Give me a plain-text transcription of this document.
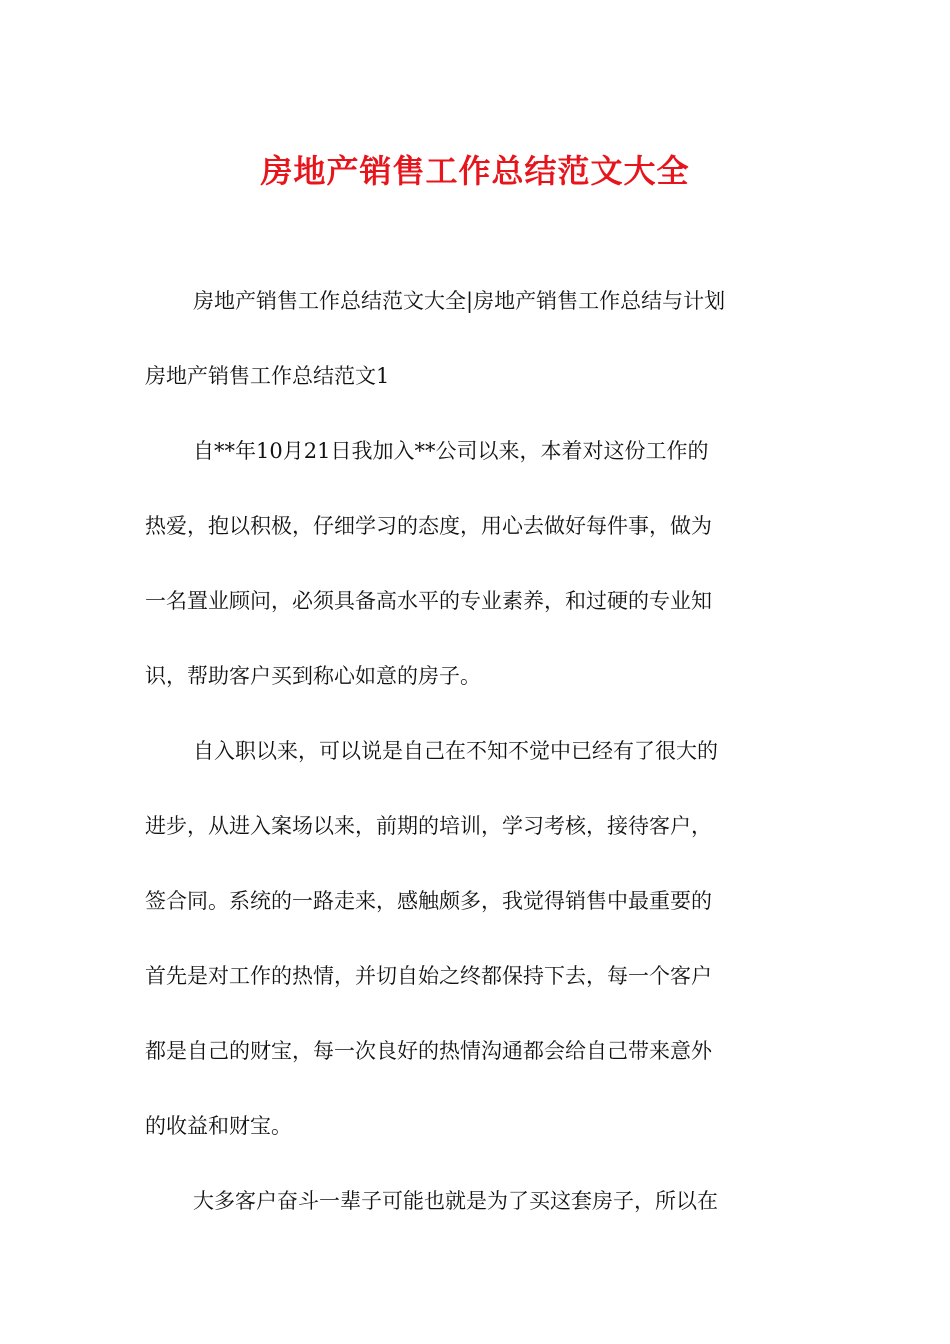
房地产销售工作总结范文大全
房地产销售工作总结范文大全|房地产销售工作总结与计划
房地产销售工作总结范文1
自**年10月21日我加入**公司以来，本着对这份工作的
热爱，抱以积极，仔细学习的态度，用心去做好每件事，做为
一名置业顾问，必须具备高水平的专业素养，和过硬的专业知
识，帮助客户买到称心如意的房子。
自入职以来，可以说是自己在不知不觉中已经有了很大的
进步，从进入案场以来，前期的培训，学习考核，接待客户，
签合同。系统的一路走来，感触颇多，我觉得销售中最重要的
首先是对工作的热情，并切自始之终都保持下去，每一个客户
都是自己的财宝，每一次良好的热情沟通都会给自己带来意外
的收益和财宝。
大多客户奋斗一辈子可能也就是为了买这套房子，所以在
